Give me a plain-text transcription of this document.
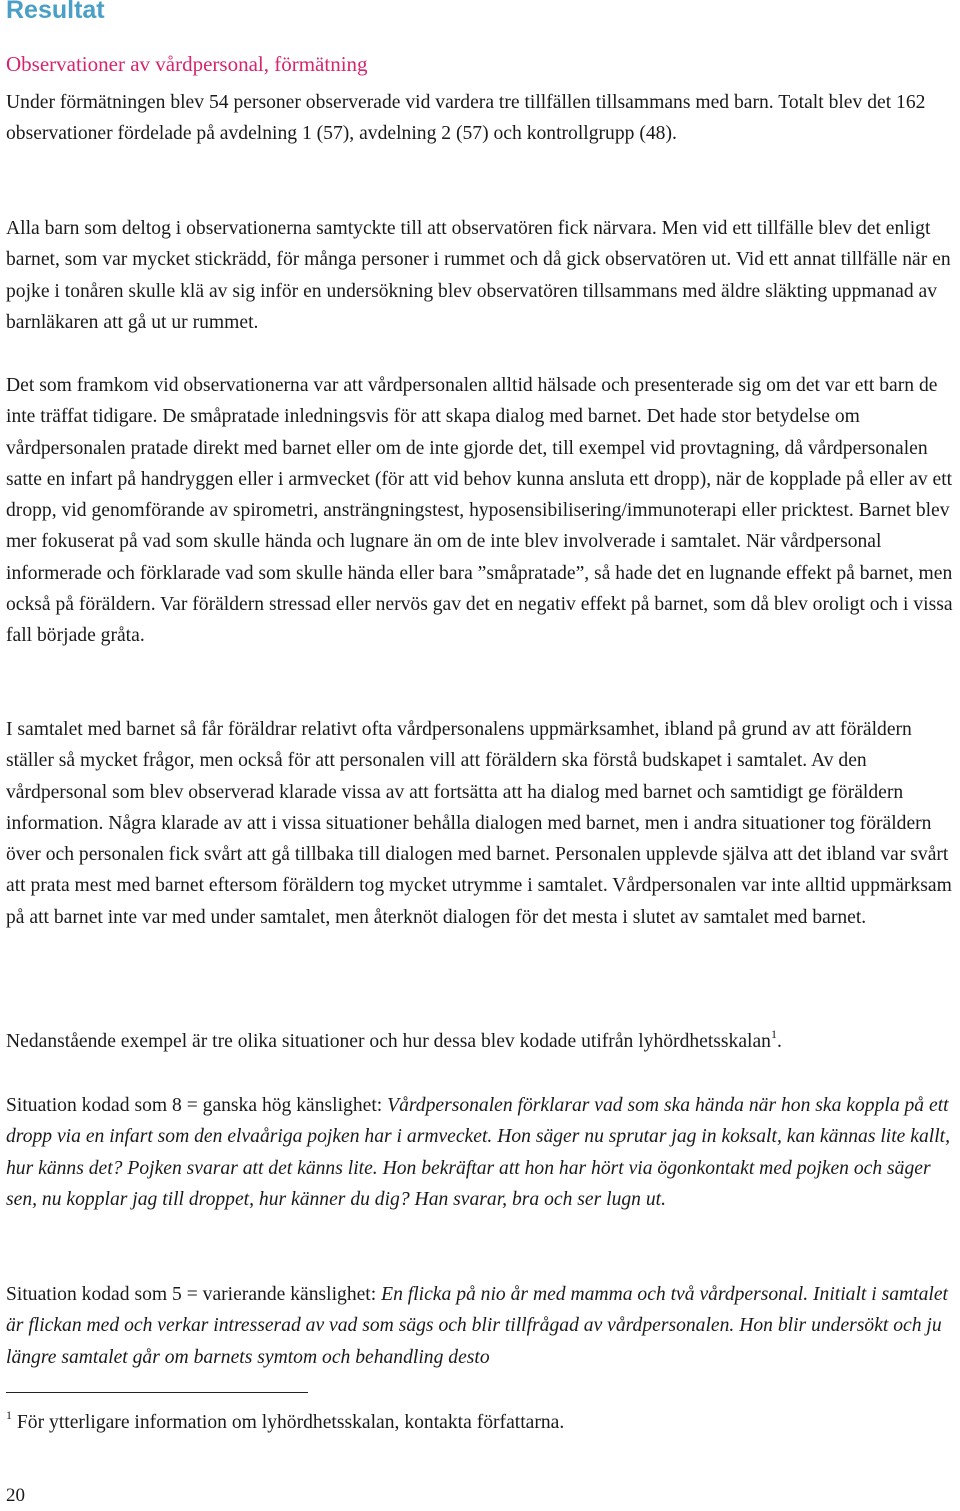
Resultat
Observationer av vårdpersonal, förmätning

Under förmätningen blev 54 personer observerade vid vardera tre tillfällen tillsammans med barn. Totalt blev det 162 observationer fördelade på avdelning 1 (57), avdelning 2 (57) och kontrollgrupp (48).

Alla barn som deltog i observationerna samtyckte till att observatören fick närvara. Men vid ett tillfälle blev det enligt barnet, som var mycket stickrädd, för många personer i rummet och då gick observatören ut. Vid ett annat tillfälle när en pojke i tonåren skulle klä av sig inför en undersökning blev observatören tillsammans med äldre släkting uppmanad av barnläkaren att gå ut ur rummet.

Det som framkom vid observationerna var att vårdpersonalen alltid hälsade och presenterade sig om det var ett barn de inte träffat tidigare. De småpratade inledningsvis för att skapa dialog med barnet. Det hade stor betydelse om vårdpersonalen pratade direkt med barnet eller om de inte gjorde det, till exempel vid provtagning, då vårdpersonalen satte en infart på handryggen eller i armvecket (för att vid behov kunna ansluta ett dropp), när de kopplade på eller av ett dropp, vid genomförande av spirometri, ansträngningstest, hyposensibilisering/immunoterapi eller pricktest. Barnet blev mer fokuserat på vad som skulle hända och lugnare än om de inte blev involverade i samtalet. När vårdpersonal informerade och förklarade vad som skulle hända eller bara ”småpratade”, så hade det en lugnande effekt på barnet, men också på föräldern. Var föräldern stressad eller nervös gav det en negativ effekt på barnet, som då blev oroligt och i vissa fall började gråta.

I samtalet med barnet så får föräldrar relativt ofta vårdpersonalens uppmärksamhet, ibland på grund av att föräldern ställer så mycket frågor, men också för att personalen vill att föräldern ska förstå budskapet i samtalet. Av den vårdpersonal som blev observerad klarade vissa av att fortsätta att ha dialog med barnet och samtidigt ge föräldern information. Några klarade av att i vissa situationer behålla dialogen med barnet, men i andra situationer tog föräldern över och personalen fick svårt att gå tillbaka till dialogen med barnet. Personalen upplevde själva att det ibland var svårt att prata mest med barnet eftersom föräldern tog mycket utrymme i samtalet. Vårdpersonalen var inte alltid uppmärksam på att barnet inte var med under samtalet, men återknöt dialogen för det mesta i slutet av samtalet med barnet.

Nedanstående exempel är tre olika situationer och hur dessa blev kodade utifrån lyhördhetsskalan$^1$.

Situation kodad som 8 = ganska hög känslighet: Vårdpersonalen förklarar vad som ska hända när hon ska koppla på ett dropp via en infart som den elvaåriga pojken har i armvecket. Hon säger nu sprutar jag in koksalt, kan kännas lite kallt, hur känns det? Pojken svarar att det känns lite. Hon bekräftar att hon har hört via ögonkontakt med pojken och säger sen, nu kopplar jag till droppet, hur känner du dig? Han svarar, bra och ser lugn ut.

Situation kodad som 5 = varierande känslighet: En flicka på nio år med mamma och två vårdpersonal. Initialt i samtalet är flickan med och verkar intresserad av vad som sägs och blir tillfrågad av vårdpersonalen. Hon blir undersökt och ju längre samtalet går om barnets symtom och behandling desto

$^1$ För ytterligare information om lyhördhetsskalan, kontakta författarna.

20
